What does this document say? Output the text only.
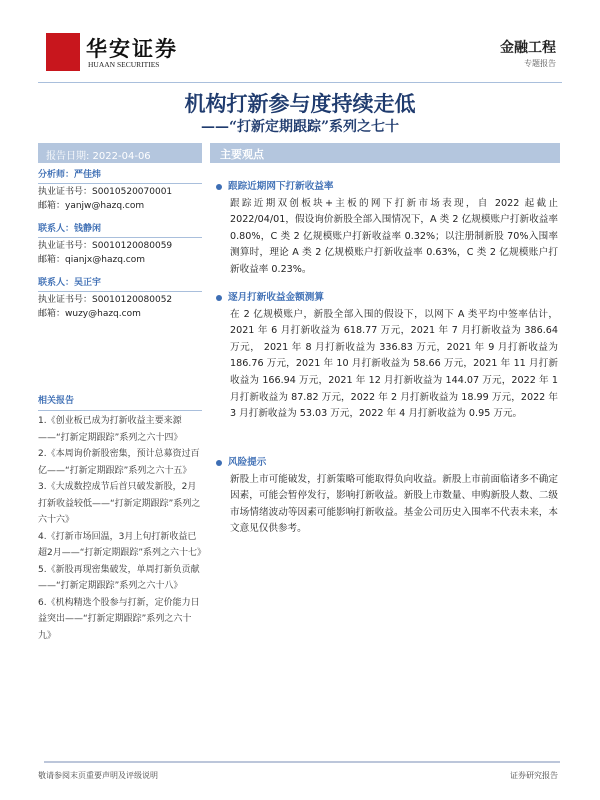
华安证券
HUAAN SECURITIES
金融工程
专题报告
机构打新参与度持续走低
——“打新定期跟踪”系列之七十
报告日期: 2022-04-06	主要观点
分析师：严佳炜
执业证书号：S0010520070001
邮箱：yanjw@hazq.com
联系人：钱静闲
执业证书号：S0010120080059
邮箱：qianjx@hazq.com
联系人：吴正宇
执业证书号：S0010120080052
邮箱：wuzy@hazq.com
相关报告
1.《创业板已成为打新收益主要来源——“打新定期跟踪”系列之六十四》
2.《本周询价新股密集，预计总募资过百亿——“打新定期跟踪”系列之六十五》
3.《大成数控成节后首只破发新股，2月打新收益较低——“打新定期跟踪”系列之六十六》
4.《打新市场回温，3月上旬打新收益已超2月——“打新定期跟踪”系列之六十七》
5.《新股再现密集破发，单周打新负贡献——“打新定期跟踪”系列之六十八》
6.《机构精选个股参与打新，定价能力日益突出——“打新定期跟踪”系列之六十九》
跟踪近期网下打新收益率

跟踪近期双创板块+主板的网下打新市场表现，自 2022 起截止 2022/04/01，假设询价新股全部入围情况下，A 类 2 亿规模账户打新收益率 0.80%，C 类 2 亿规模账户打新收益率 0.32%；以注册制新股 70%入围率测算时，理论 A 类 2 亿规模账户打新收益率 0.63%，C 类 2 亿规模账户打新收益率 0.23%。

逐月打新收益金额测算

在 2 亿规模账户，新股全部入围的假设下，以网下 A 类平均中签率估计，2021 年 6 月打新收益为 618.77 万元，2021 年 7 月打新收益为 386.64 万元， 2021 年 8 月打新收益为 336.83 万元，2021 年 9 月打新收益为 186.76 万元，2021 年 10 月打新收益为 58.66 万元，2021 年 11 月打新收益为 166.94 万元，2021 年 12 月打新收益为 144.07 万元，2022 年 1 月打新收益为 87.82 万元，2022 年 2 月打新收益为 18.99 万元，2022 年 3 月打新收益为 53.03 万元，2022 年 4 月打新收益为 0.95 万元。

风险提示

新股上市可能破发，打新策略可能取得负向收益。新股上市前面临诸多不确定因素，可能会暂停发行，影响打新收益。新股上市数量、申购新股人数、二级市场情绪波动等因素可能影响打新收益。基金公司历史入围率不代表未来，本文意见仅供参考。

敬请参阅末页重要声明及评级说明	证券研究报告
